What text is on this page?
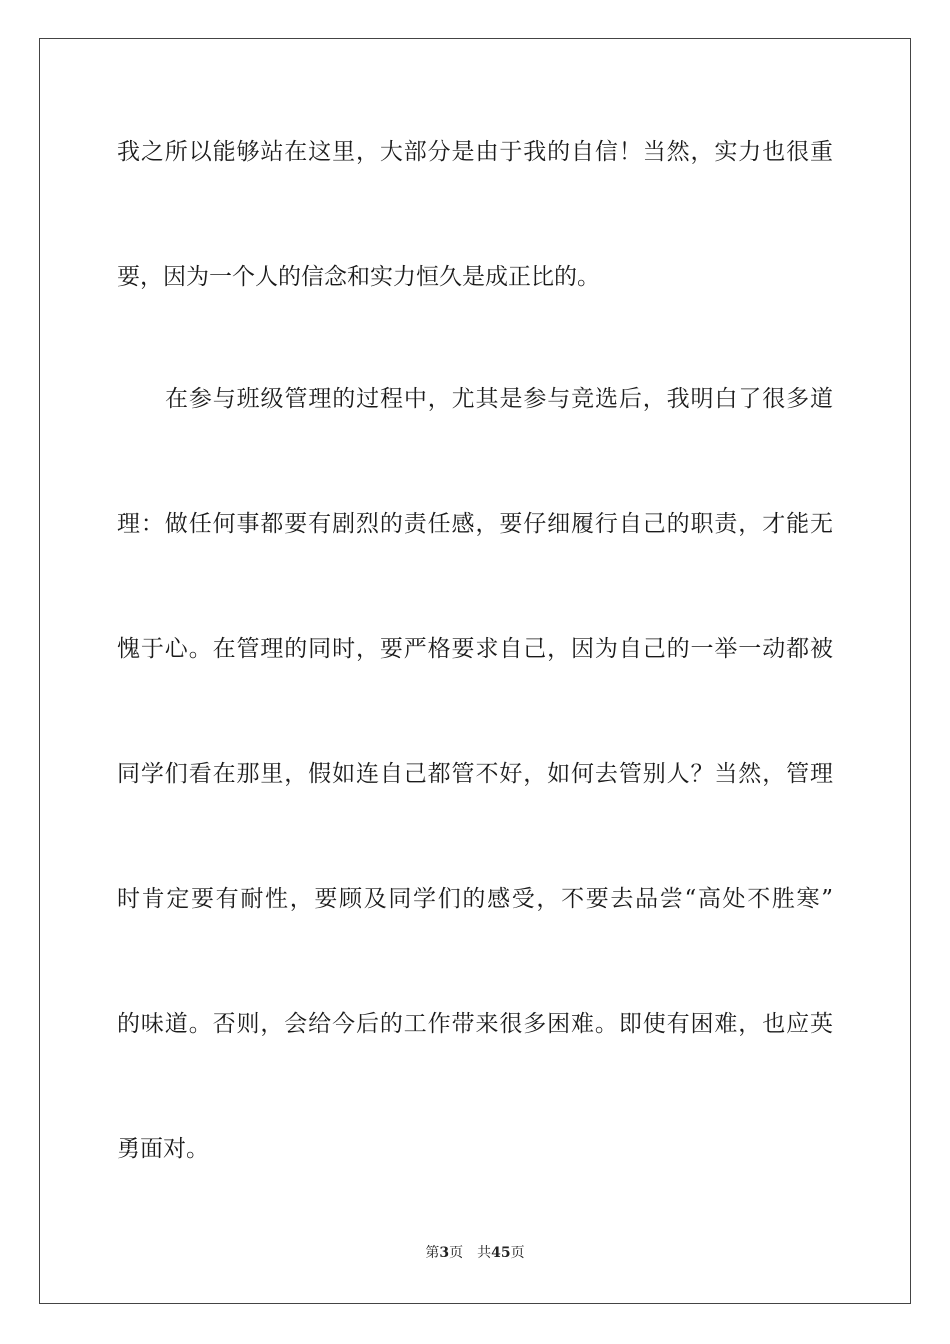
我之所以能够站在这里，大部分是由于我的自信！当然，实力也很重
要，因为一个人的信念和实力恒久是成正比的。
在参与班级管理的过程中，尤其是参与竞选后，我明白了很多道
理：做任何事都要有剧烈的责任感，要仔细履行自己的职责，才能无
愧于心。在管理的同时，要严格要求自己，因为自己的一举一动都被
同学们看在那里，假如连自己都管不好，如何去管别人？当然，管理
时肯定要有耐性，要顾及同学们的感受，不要去品尝“高处不胜寒”
的味道。否则，会给今后的工作带来很多困难。即使有困难，也应英
勇面对。
第3页 共45页
